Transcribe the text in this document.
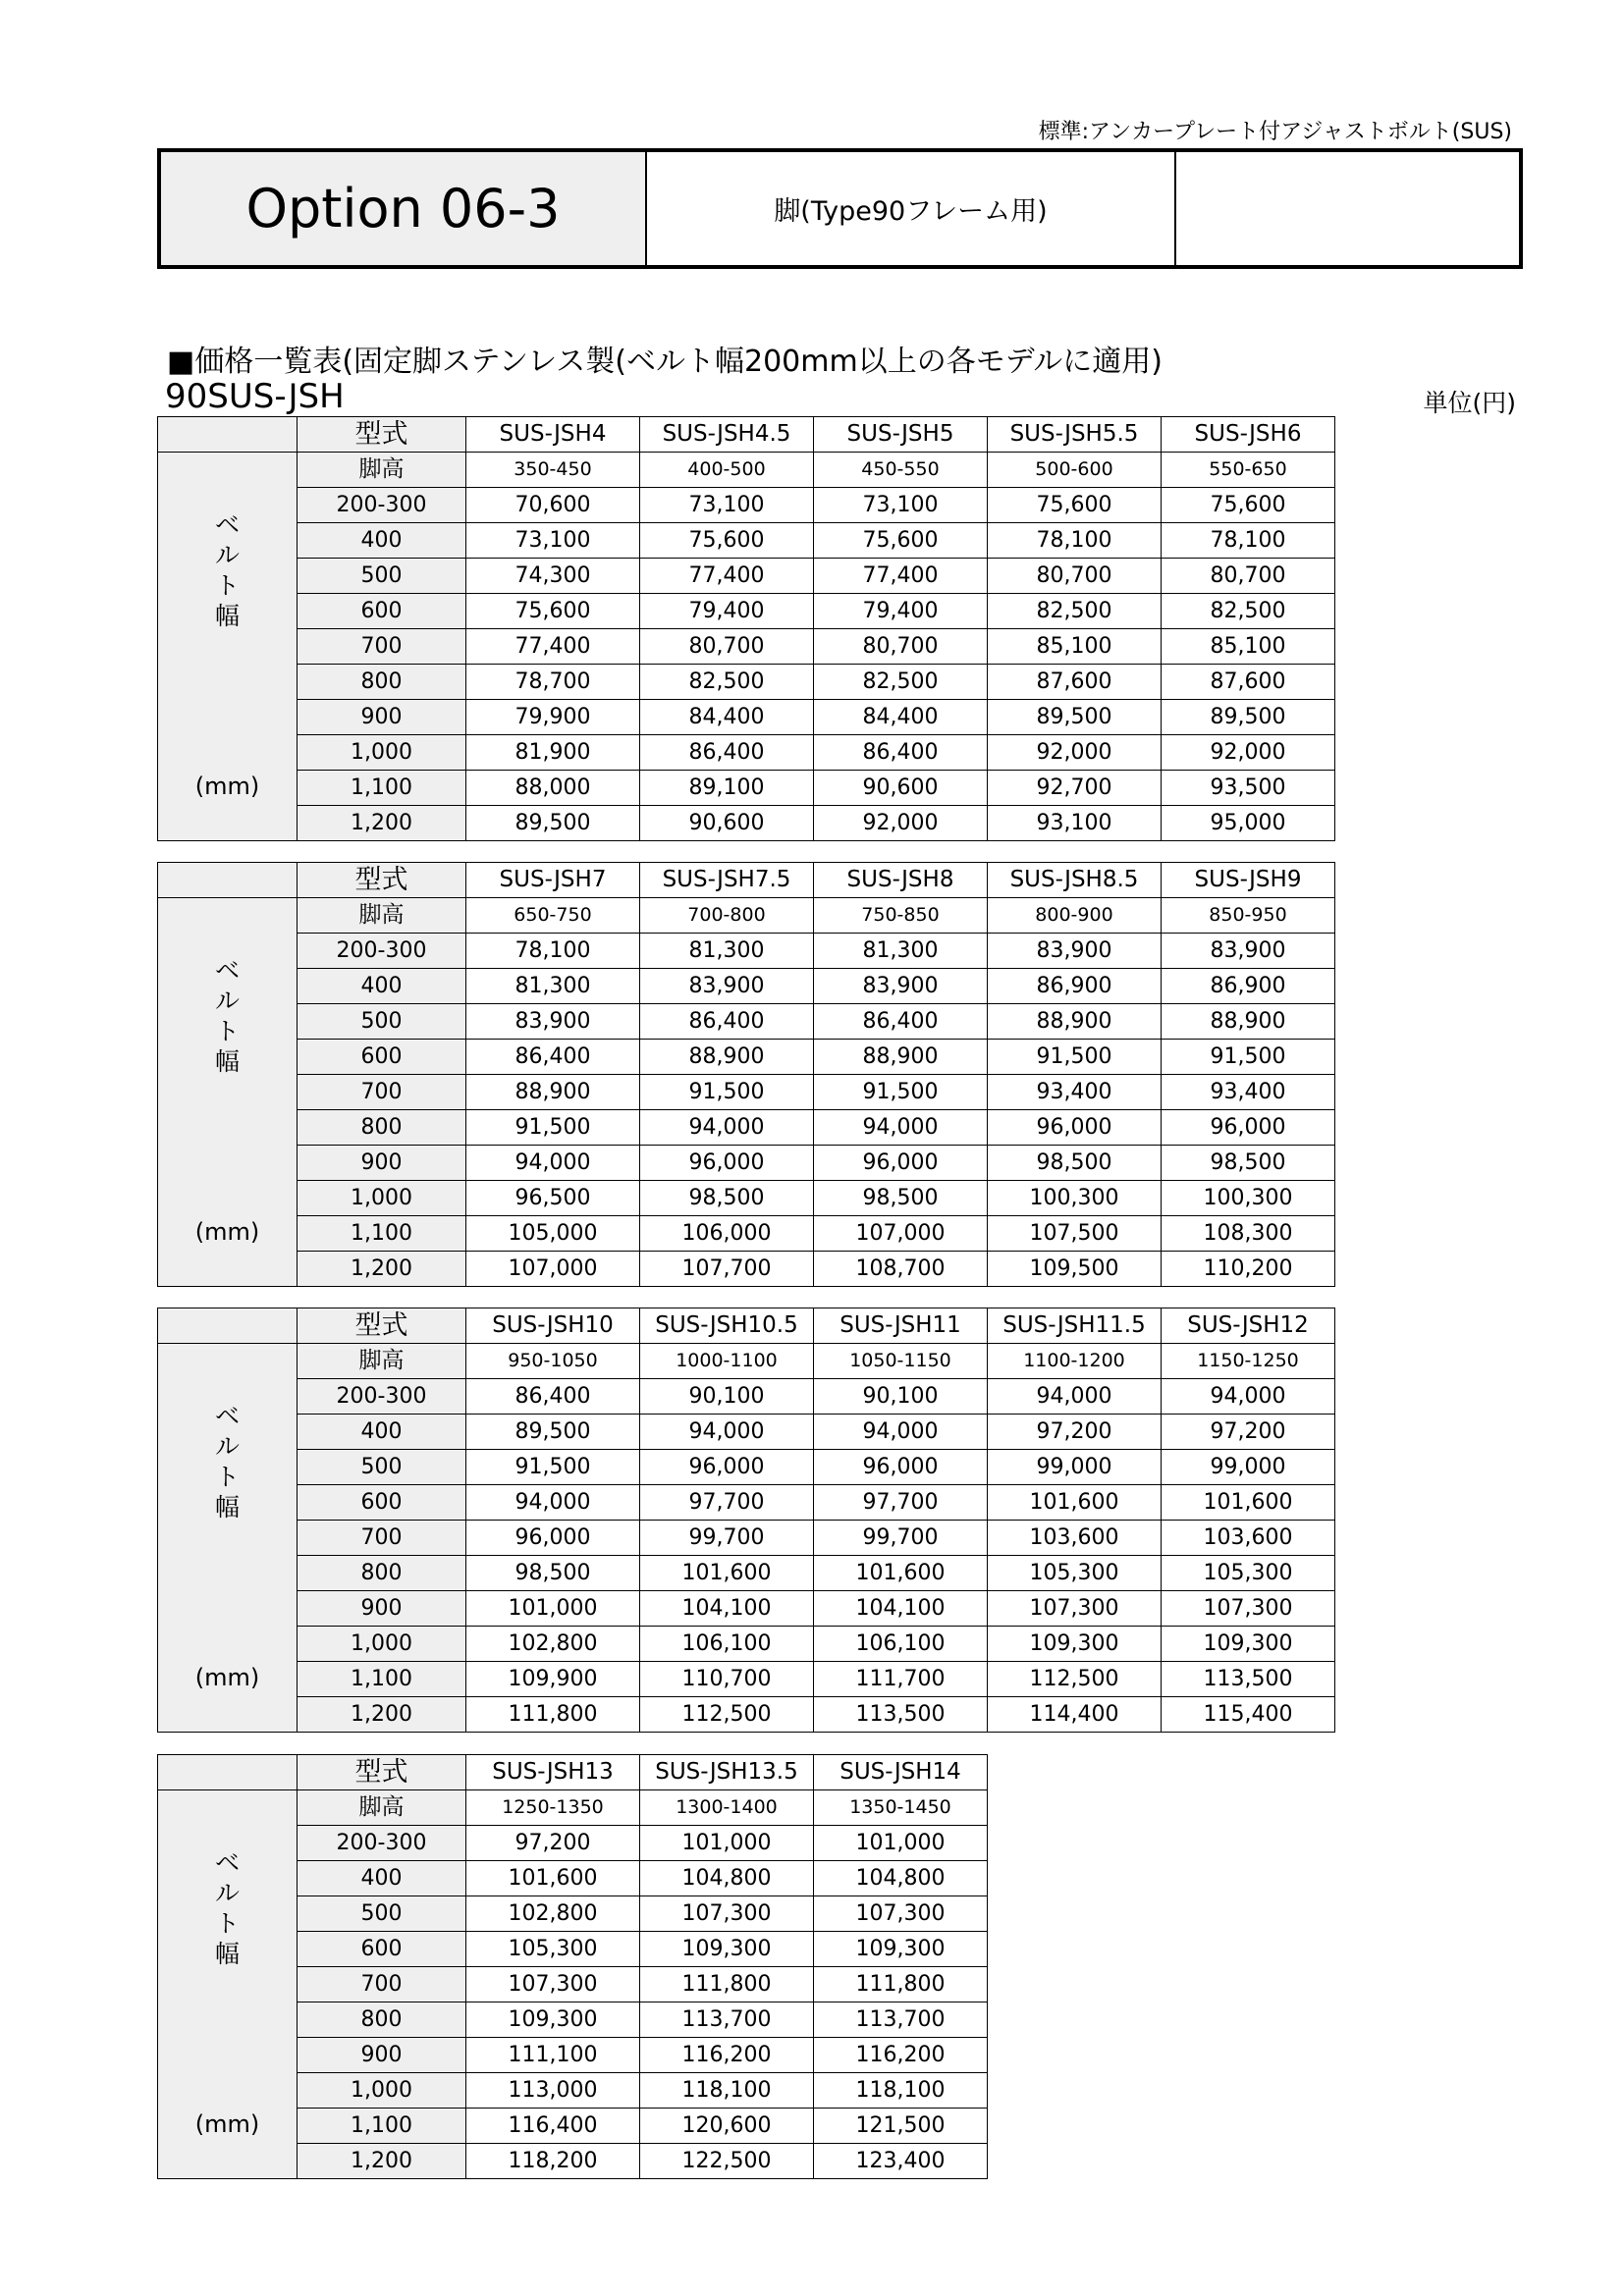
標準:アンカープレート付アジャストボルト(SUS)
Option 06-3	脚(Type90フレーム用)
■価格一覧表(固定脚ステンレス製(ベルト幅200mm以上の各モデルに適用)
90SUS-JSH	単位(円)
	型式	SUS-JSH4	SUS-JSH4.5	SUS-JSH5	SUS-JSH5.5	SUS-JSH6	

ベ
ル
ト
幅
(mm)	脚高	350-450	400-500	450-550	500-600	550-650	
	200-300	70,600	73,100	73,100	75,600	75,600	
	400	73,100	75,600	75,600	78,100	78,100	
	500	74,300	77,400	77,400	80,700	80,700	
	600	75,600	79,400	79,400	82,500	82,500	
	700	77,400	80,700	80,700	85,100	85,100	
	800	78,700	82,500	82,500	87,600	87,600	
	900	79,900	84,400	84,400	89,500	89,500	
	1,000	81,900	86,400	86,400	92,000	92,000	
	1,100	88,000	89,100	90,600	92,700	93,500	
	1,200	89,500	90,600	92,000	93,100	95,000	
	型式	SUS-JSH7	SUS-JSH7.5	SUS-JSH8	SUS-JSH8.5	SUS-JSH9	

ベ
ル
ト
幅
(mm)	脚高	650-750	700-800	750-850	800-900	850-950	
	200-300	78,100	81,300	81,300	83,900	83,900	
	400	81,300	83,900	83,900	86,900	86,900	
	500	83,900	86,400	86,400	88,900	88,900	
	600	86,400	88,900	88,900	91,500	91,500	
	700	88,900	91,500	91,500	93,400	93,400	
	800	91,500	94,000	94,000	96,000	96,000	
	900	94,000	96,000	96,000	98,500	98,500	
	1,000	96,500	98,500	98,500	100,300	100,300	
	1,100	105,000	106,000	107,000	107,500	108,300	
	1,200	107,000	107,700	108,700	109,500	110,200	
	型式	SUS-JSH10	SUS-JSH10.5	SUS-JSH11	SUS-JSH11.5	SUS-JSH12	

ベ
ル
ト
幅
(mm)	脚高	950-1050	1000-1100	1050-1150	1100-1200	1150-1250	
	200-300	86,400	90,100	90,100	94,000	94,000	
	400	89,500	94,000	94,000	97,200	97,200	
	500	91,500	96,000	96,000	99,000	99,000	
	600	94,000	97,700	97,700	101,600	101,600	
	700	96,000	99,700	99,700	103,600	103,600	
	800	98,500	101,600	101,600	105,300	105,300	
	900	101,000	104,100	104,100	107,300	107,300	
	1,000	102,800	106,100	106,100	109,300	109,300	
	1,100	109,900	110,700	111,700	112,500	113,500	
	1,200	111,800	112,500	113,500	114,400	115,400	
	型式	SUS-JSH13	SUS-JSH13.5	SUS-JSH14	

ベ
ル
ト
幅
(mm)	脚高	1250-1350	1300-1400	1350-1450	
	200-300	97,200	101,000	101,000	
	400	101,600	104,800	104,800	
	500	102,800	107,300	107,300	
	600	105,300	109,300	109,300	
	700	107,300	111,800	111,800	
	800	109,300	113,700	113,700	
	900	111,100	116,200	116,200	
	1,000	113,000	118,100	118,100	
	1,100	116,400	120,600	121,500	
	1,200	118,200	122,500	123,400	
